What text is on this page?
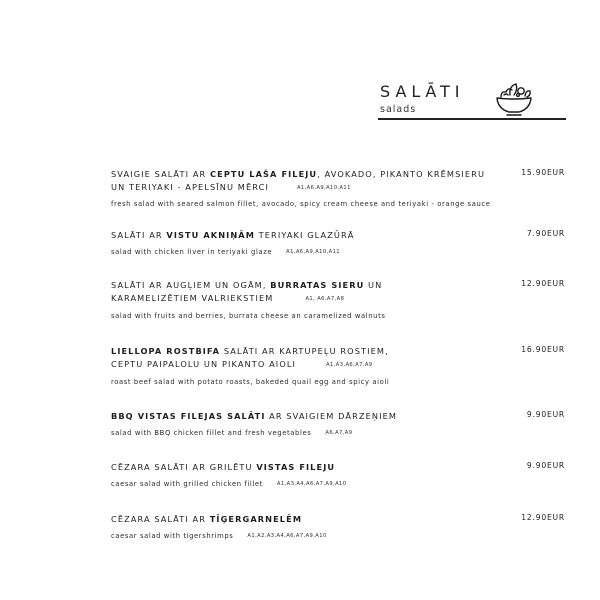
SALĀTI
salads
SVAIGIE SALĀTI AR CEPTU LAŠA FILEJU, AVOKADO, PIKANTO KRĒMSIERU
UN TERIYAKI - APELSĪNU MĒRCI	A1,A6,A9,A10,A11
fresh salad with seared salmon fillet, avocado, spicy cream cheese and teriyaki - orange sauce
15.90EUR
SALĀTI AR VISTU AKNIŅĀM TERIYAKI GLAZŪRĀ
salad with chicken liver in teriyaki glaze	A1,A6,A9,A10,A11
7.90EUR
SALĀTI AR AUGĻIEM UN OGĀM, BURRATAS SIERU UN
KARAMELIZĒTIEM VALRIEKSTIEM	A1, A6,A7,A8
salad with fruits and berries, burrata cheese an caramelized walnuts
12.90EUR
LIELLOPA ROSTBIFA SALĀTI AR KARTUPEĻU ROSTIEM,
CEPTU PAIPALOLU UN PIKANTO AIOLI	A1,A3,A6,A7,A9
roast beef salad with potato roasts, bakeded quail egg and spicy aioli
16.90EUR
BBQ VISTAS FILEJAS SALĀTI AR SVAIGIEM DĀRZEŅIEM
salad with BBQ chicken fillet and fresh vegetables	A6,A7,A9
9.90EUR
CĒZARA SALĀTI AR GRILĒTU VISTAS FILEJU
caesar salad with grilled chicken fillet	A1,A3,A4,A6,A7,A9,A10
9.90EUR
CĒZARA SALĀTI AR TĪĢERGARNELĒM
caesar salad with tigershrimps	A1,A2,A3,A4,A6,A7,A9,A10
12.90EUR
